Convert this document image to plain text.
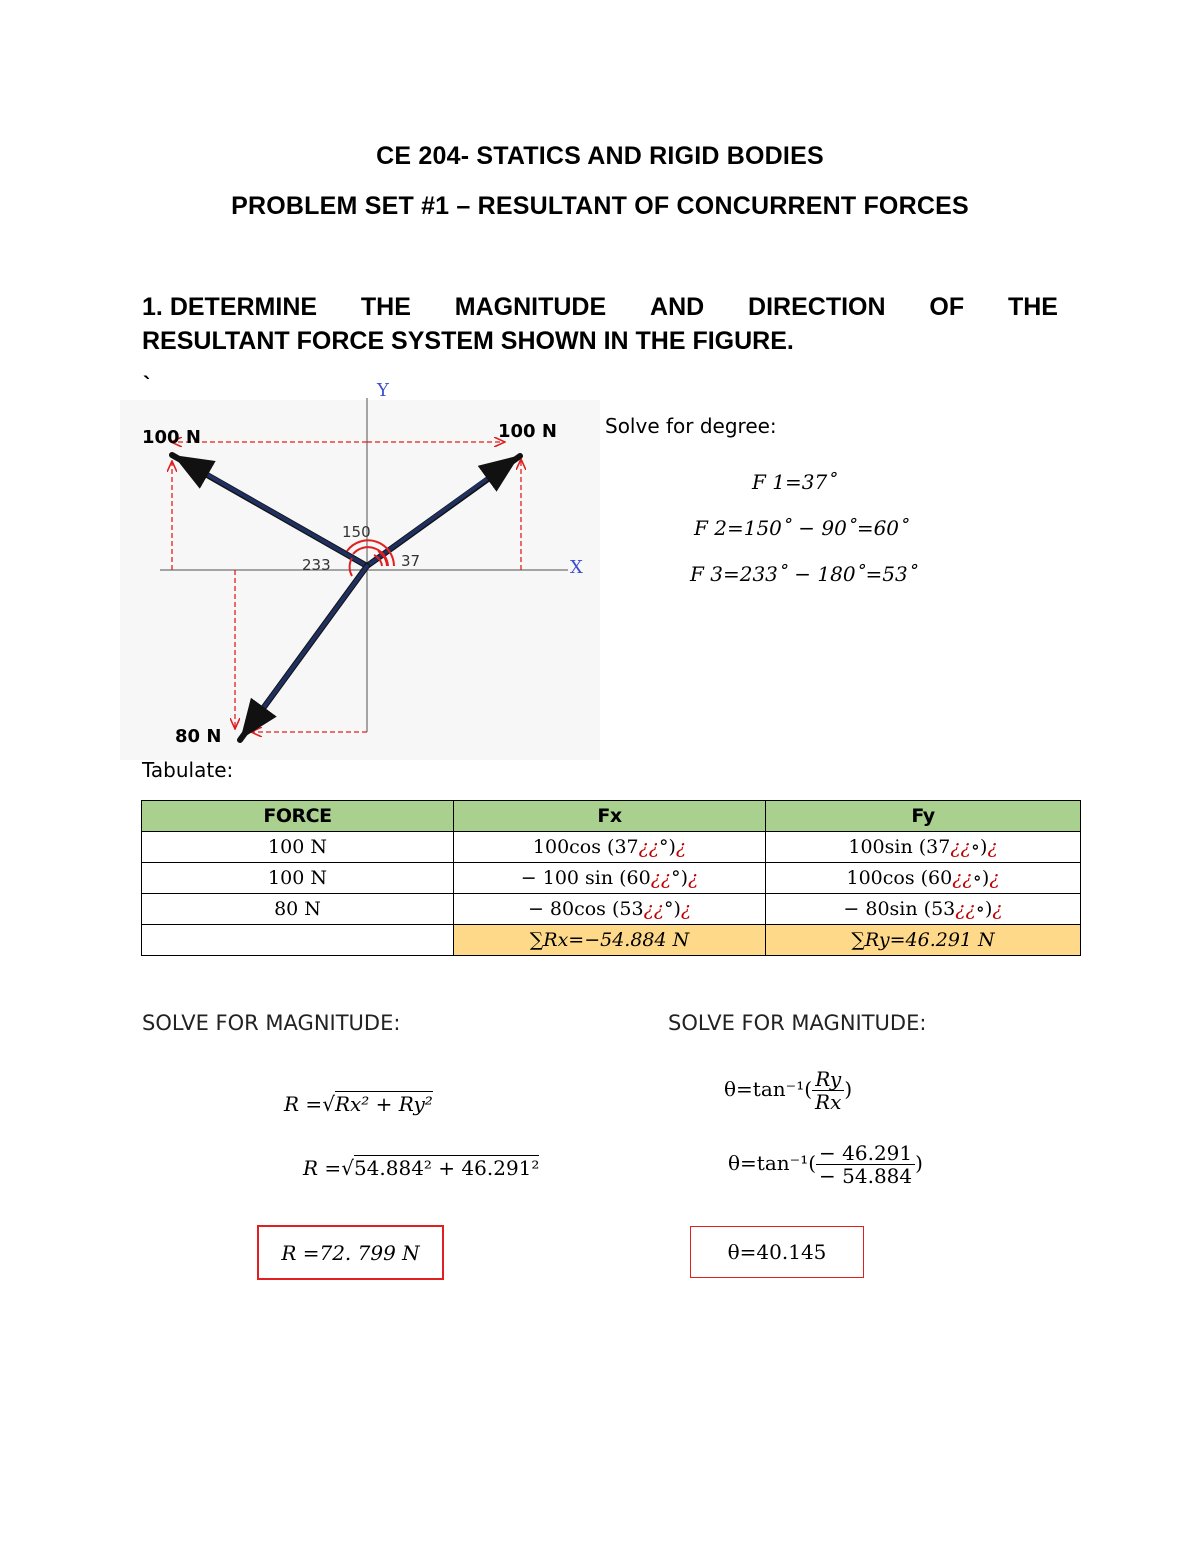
CE 204- STATICS AND RIGID BODIES
PROBLEM SET #1 – RESULTANT OF CONCURRENT FORCES
1. DETERMINE THE MAGNITUDE AND DIRECTION OF THE
RESULTANT FORCE SYSTEM SHOWN IN THE FIGURE.
`	Y
X
100 N	100 N
80 N
150
233	37
Solve for degree:
F 1=37˚
F 2=150˚ − 90˚=60˚
F 3=233˚ − 180˚=53˚
Tabulate:
FORCE	Fx	Fy
100 N	100cos (37¿¿°)¿	100sin (37¿¿∘)¿
100 N	− 100 sin (60¿¿°)¿	100cos (60¿¿∘)¿
80 N	− 80cos (53¿¿°)¿	− 80sin (53¿¿∘)¿
	∑Rx=−54.884 N	∑Ry=46.291 N
SOLVE FOR MAGNITUDE:
R =√Rx² + Ry²
R =√54.884² + 46.291²
R =72. 799 N
SOLVE FOR MAGNITUDE:
$\theta=\tan^{-1}( \frac{Ry}{Rx}$ )
$\theta=\tan^{-1}( \frac{- 46.291}{- 54.884}$ )
θ=40.145
